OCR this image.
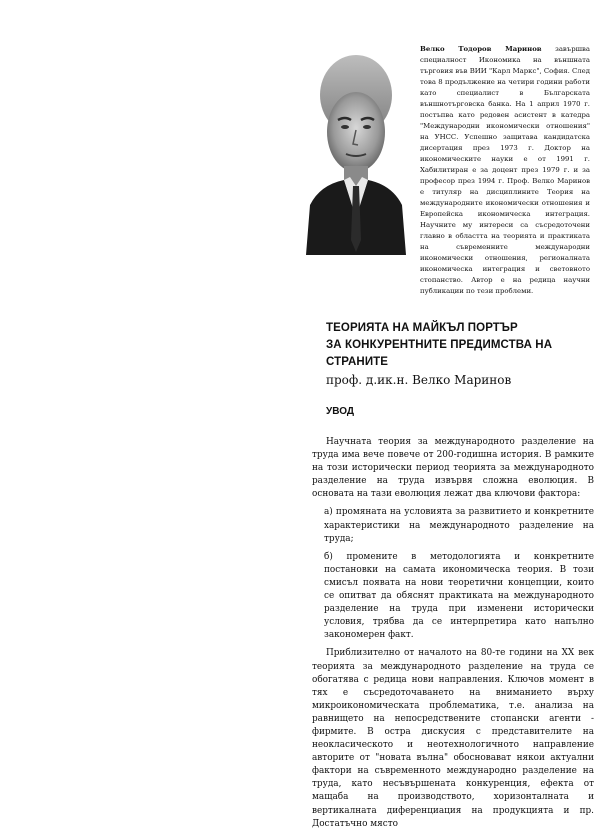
Велко Тодоров Маринов завършва специалност Икономика на външната търговия във ВИИ "Карл Маркс", София. След това 8 продължение на четири години работи като специалист в Българската външнотърговска банка. На 1 април 1970 г. постъпва като редовен асистент в катедра "Международни икономически отношения" на УНСС. Успешно защитава кандидатска дисертация през 1973 г. Доктор на икономическите науки е от 1991 г. Хабилитиран е за доцент през 1979 г. и за професор през 1994 г. Проф. Велко Маринов е титуляр на дисциплините Теория на международните икономически отношения и Европейска икономическа интеграция. Научните му интереси са съсредоточени главно в областта на теорията и практиката на съвременните международни икономически отношения, регионалната икономическа интеграция и световното стопанство. Автор е на редица научни публикации по тези проблеми.
ТЕОРИЯТА НА МАЙКЪЛ ПОРТЪР
ЗА КОНКУРЕНТНИТЕ ПРЕДИМСТВА НА СТРАНИТЕ
проф. д.ик.н. Велко Маринов
УВОД

Научната теория за международното разделение на труда има вече повече от 200-годишна история. В рамките на този исторически период теорията за международното разделение на труда извървя сложна еволюция. В основата на тази еволюция лежат два ключови фактора:

а) промяната на условията за развитието и конкретните характеристики на международното разделение на труда;

б) промените в методологията и конкретните постановки на самата икономическа теория. В този смисъл появата на нови теоретични концепции, които се опитват да обяснят практиката на международното разделение на труда при изменени исторически условия, трябва да се интерпретира като напълно закономерен факт.

Приблизително от началото на 80-те години на XX век теорията за международното разделение на труда се обогатява с редица нови направления. Ключов момент в тях е съсредоточаването на вниманието върху микроикономическата проблематика, т.е. анализа на равнището на непосредствените стопански агенти - фирмите. В остра дискусия с представителите на неокласическото и неотехнологичното направление авторите от "новата вълна" обосновават някои актуални фактори на съвременното международно разделение на труда, като несъвършената конкуренция, ефекта от мащаба на производството, хоризонталната и вертикалната диференциация на продукцията и пр. Достатъчно място
